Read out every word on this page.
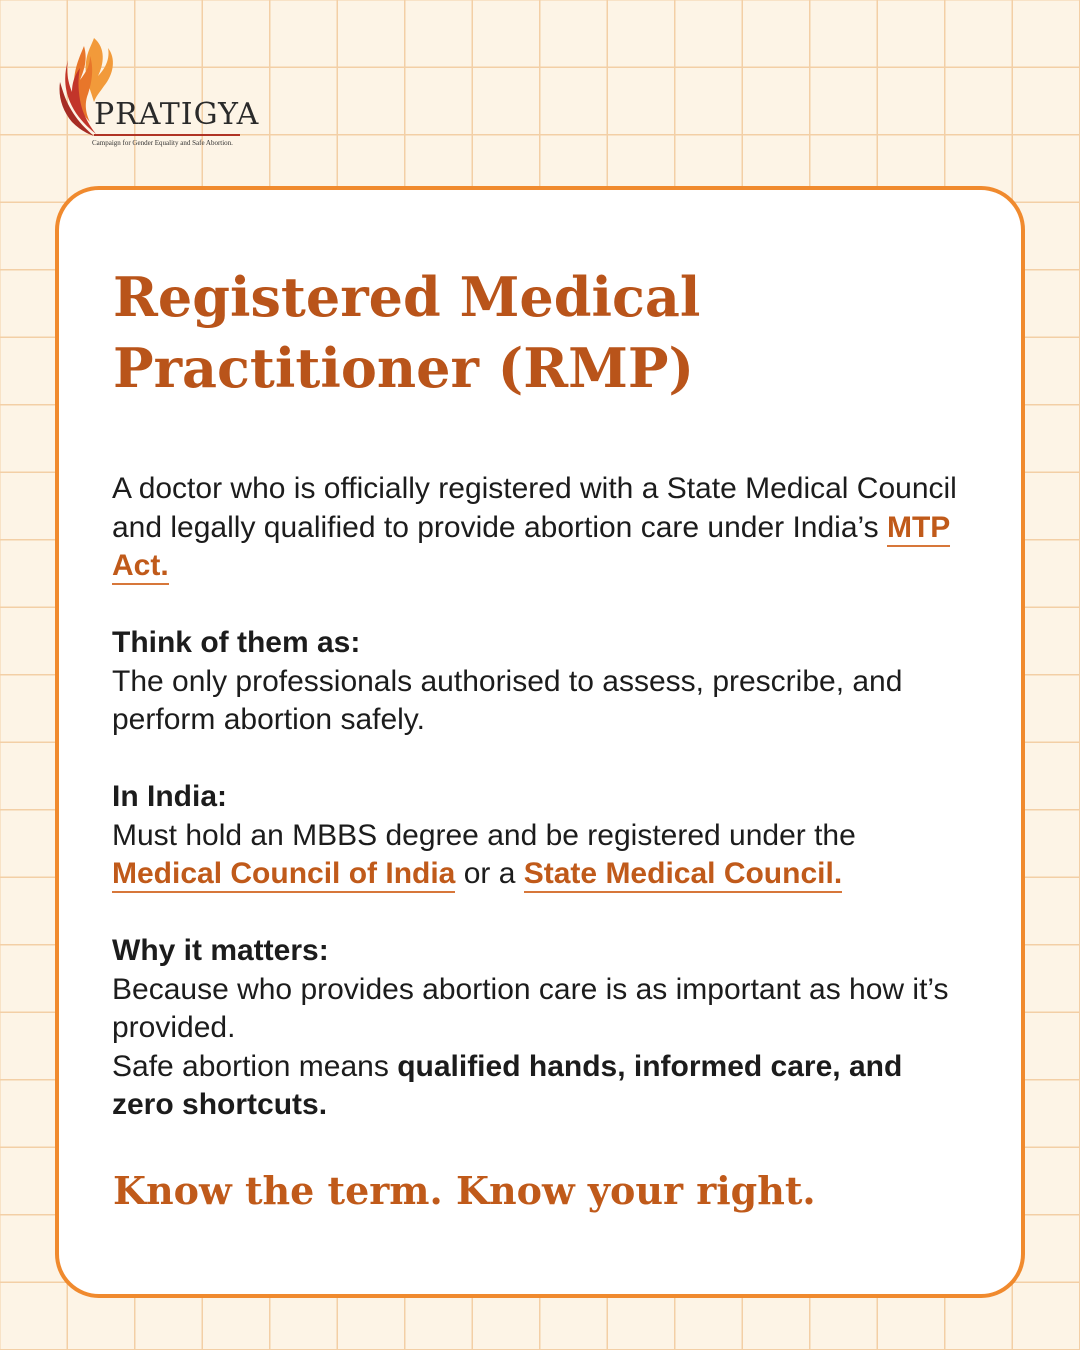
PRATIGYA
Campaign for Gender Equality and Safe Abortion.
Registered Medical
Practitioner (RMP)

A doctor who is officially registered with a State Medical Council and legally qualified to provide abortion care under India’s MTP Act.

Think of them as:
The only professionals authorised to assess, prescribe, and perform abortion safely.

In India:
Must hold an MBBS degree and be registered under the Medical Council of India or a State Medical Council.

Why it matters:
Because who provides abortion care is as important as how it’s provided.
Safe abortion means qualified hands, informed care, and zero shortcuts.

Know the term. Know your right.
